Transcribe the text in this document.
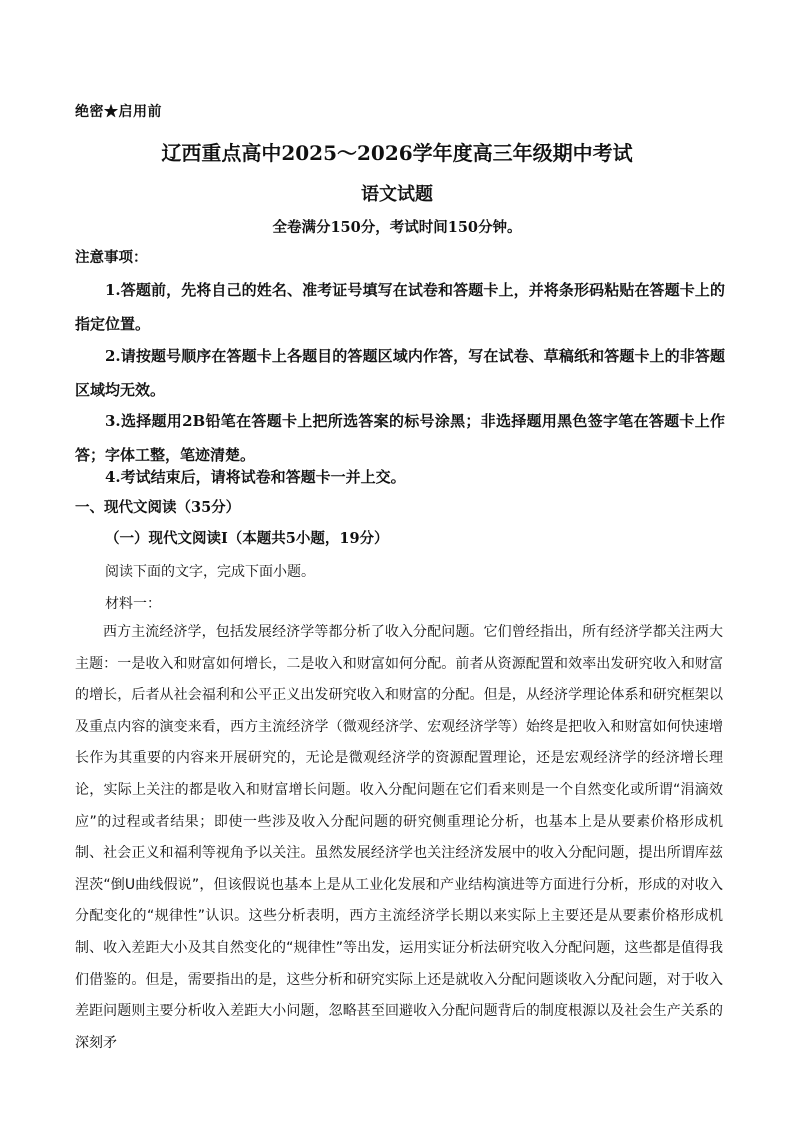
绝密★启用前
辽西重点高中2025～2026学年度高三年级期中考试
语文试题
全卷满分150分，考试时间150分钟。
注意事项：

1.答题前，先将自己的姓名、准考证号填写在试卷和答题卡上，并将条形码粘贴在答题卡上的指定位置。

2.请按题号顺序在答题卡上各题目的答题区域内作答，写在试卷、草稿纸和答题卡上的非答题区域均无效。

3.选择题用2B铅笔在答题卡上把所选答案的标号涂黑；非选择题用黑色签字笔在答题卡上作答；字体工整，笔迹清楚。

4.考试结束后，请将试卷和答题卡一并上交。

一、现代文阅读（35分）
（一）现代文阅读Ⅰ（本题共5小题，19分）
阅读下面的文字，完成下面小题。
材料一：

西方主流经济学，包括发展经济学等都分析了收入分配问题。它们曾经指出，所有经济学都关注两大主题：一是收入和财富如何增长，二是收入和财富如何分配。前者从资源配置和效率出发研究收入和财富的增长，后者从社会福利和公平正义出发研究收入和财富的分配。但是，从经济学理论体系和研究框架以及重点内容的演变来看，西方主流经济学（微观经济学、宏观经济学等）始终是把收入和财富如何快速增长作为其重要的内容来开展研究的，无论是微观经济学的资源配置理论，还是宏观经济学的经济增长理论，实际上关注的都是收入和财富增长问题。收入分配问题在它们看来则是一个自然变化或所谓“涓滴效应”的过程或者结果；即使一些涉及收入分配问题的研究侧重理论分析，也基本上是从要素价格形成机制、社会正义和福利等视角予以关注。虽然发展经济学也关注经济发展中的收入分配问题，提出所谓库兹涅茨“倒U曲线假说”，但该假说也基本上是从工业化发展和产业结构演进等方面进行分析，形成的对收入分配变化的“规律性”认识。这些分析表明，西方主流经济学长期以来实际上主要还是从要素价格形成机制、收入差距大小及其自然变化的“规律性”等出发，运用实证分析法研究收入分配问题，这些都是值得我们借鉴的。但是，需要指出的是，这些分析和研究实际上还是就收入分配问题谈收入分配问题，对于收入差距问题则主要分析收入差距大小问题，忽略甚至回避收入分配问题背后的制度根源以及社会生产关系的深刻矛
